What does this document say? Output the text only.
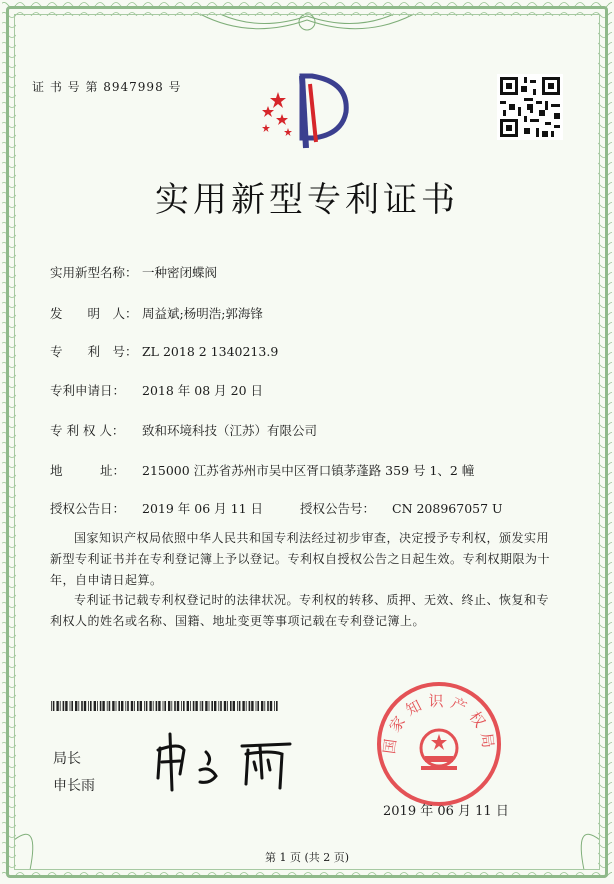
证 书 号 第 8947998 号
实用新型专利证书
实用新型名称： 一种密闭蝶阀
发　　明　人： 周益斌;杨明浩;郭海锋
专　　利　号： ZL 2018 2 1340213.9
专利申请日： 2018 年 08 月 20 日
专 利 权 人： 致和环境科技（江苏）有限公司
地　　　址： 215000 江苏省苏州市吴中区胥口镇茅蓬路 359 号 1、2 幢
授权公告日： 2019 年 06 月 11 日	授权公告号： CN 208967057 U
国家知识产权局依照中华人民共和国专利法经过初步审查，决定授予专利权，颁发实用新型专利证书并在专利登记簿上予以登记。专利权自授权公告之日起生效。专利权期限为十年，自申请日起算。
专利证书记载专利权登记时的法律状况。专利权的转移、质押、无效、终止、恢复和专利权人的姓名或名称、国籍、地址变更等事项记载在专利登记簿上。
局长
申长雨
国家知识产权局
2019 年 06 月 11 日
第 1 页 (共 2 页)
